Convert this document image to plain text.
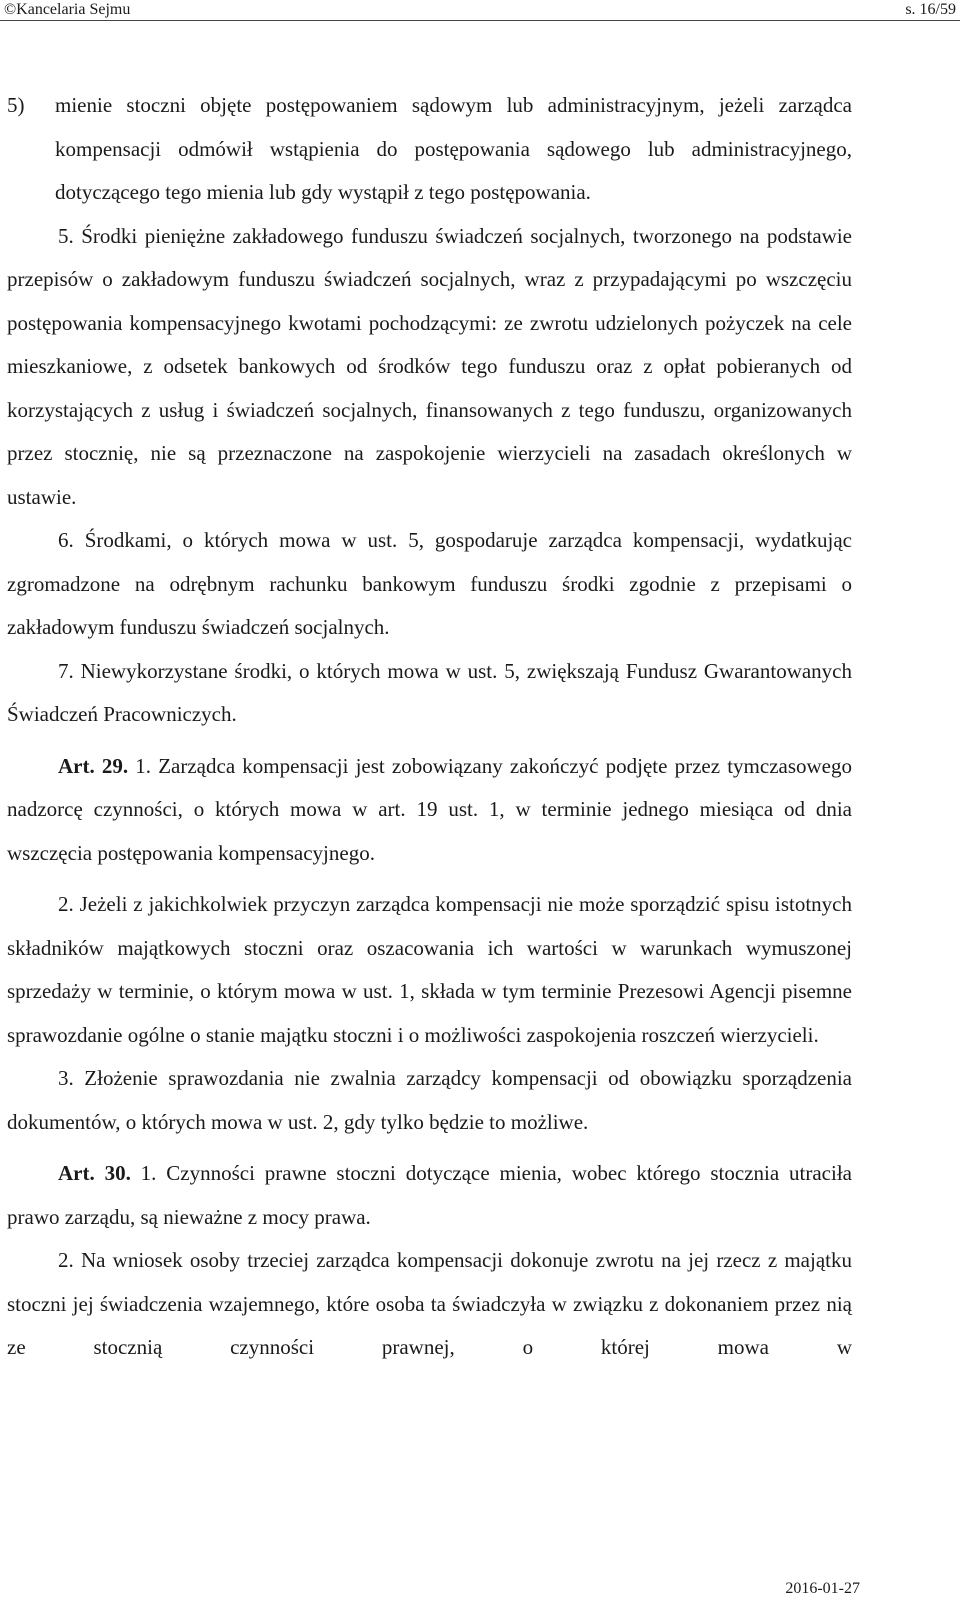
©Kancelaria Sejmu	s. 16/59

5) mienie stoczni objęte postępowaniem sądowym lub administracyjnym, jeżeli zarządca kompensacji odmówił wstąpienia do postępowania sądowego lub administracyjnego, dotyczącego tego mienia lub gdy wystąpił z tego postępowania.

5. Środki pieniężne zakładowego funduszu świadczeń socjalnych, tworzonego na podstawie przepisów o zakładowym funduszu świadczeń socjalnych, wraz z przypadającymi po wszczęciu postępowania kompensacyjnego kwotami pochodzącymi: ze zwrotu udzielonych pożyczek na cele mieszkaniowe, z odsetek bankowych od środków tego funduszu oraz z opłat pobieranych od korzystających z usług i świadczeń socjalnych, finansowanych z tego funduszu, organizowanych przez stocznię, nie są przeznaczone na zaspokojenie wierzycieli na zasadach określonych w ustawie.

6. Środkami, o których mowa w ust. 5, gospodaruje zarządca kompensacji, wydatkując zgromadzone na odrębnym rachunku bankowym funduszu środki zgodnie z przepisami o zakładowym funduszu świadczeń socjalnych.

7. Niewykorzystane środki, o których mowa w ust. 5, zwiększają Fundusz Gwarantowanych Świadczeń Pracowniczych.

Art. 29. 1. Zarządca kompensacji jest zobowiązany zakończyć podjęte przez tymczasowego nadzorcę czynności, o których mowa w art. 19 ust. 1, w terminie jednego miesiąca od dnia wszczęcia postępowania kompensacyjnego.

2. Jeżeli z jakichkolwiek przyczyn zarządca kompensacji nie może sporządzić spisu istotnych składników majątkowych stoczni oraz oszacowania ich wartości w warunkach wymuszonej sprzedaży w terminie, o którym mowa w ust. 1, składa w tym terminie Prezesowi Agencji pisemne sprawozdanie ogólne o stanie majątku stoczni i o możliwości zaspokojenia roszczeń wierzycieli.

3. Złożenie sprawozdania nie zwalnia zarządcy kompensacji od obowiązku sporządzenia dokumentów, o których mowa w ust. 2, gdy tylko będzie to możliwe.

Art. 30. 1. Czynności prawne stoczni dotyczące mienia, wobec którego stocznia utraciła prawo zarządu, są nieważne z mocy prawa.

2. Na wniosek osoby trzeciej zarządca kompensacji dokonuje zwrotu na jej rzecz z majątku stoczni jej świadczenia wzajemnego, które osoba ta świadczyła w związku z dokonaniem przez nią ze stocznią czynności prawnej, o której mowa w

2016-01-27
